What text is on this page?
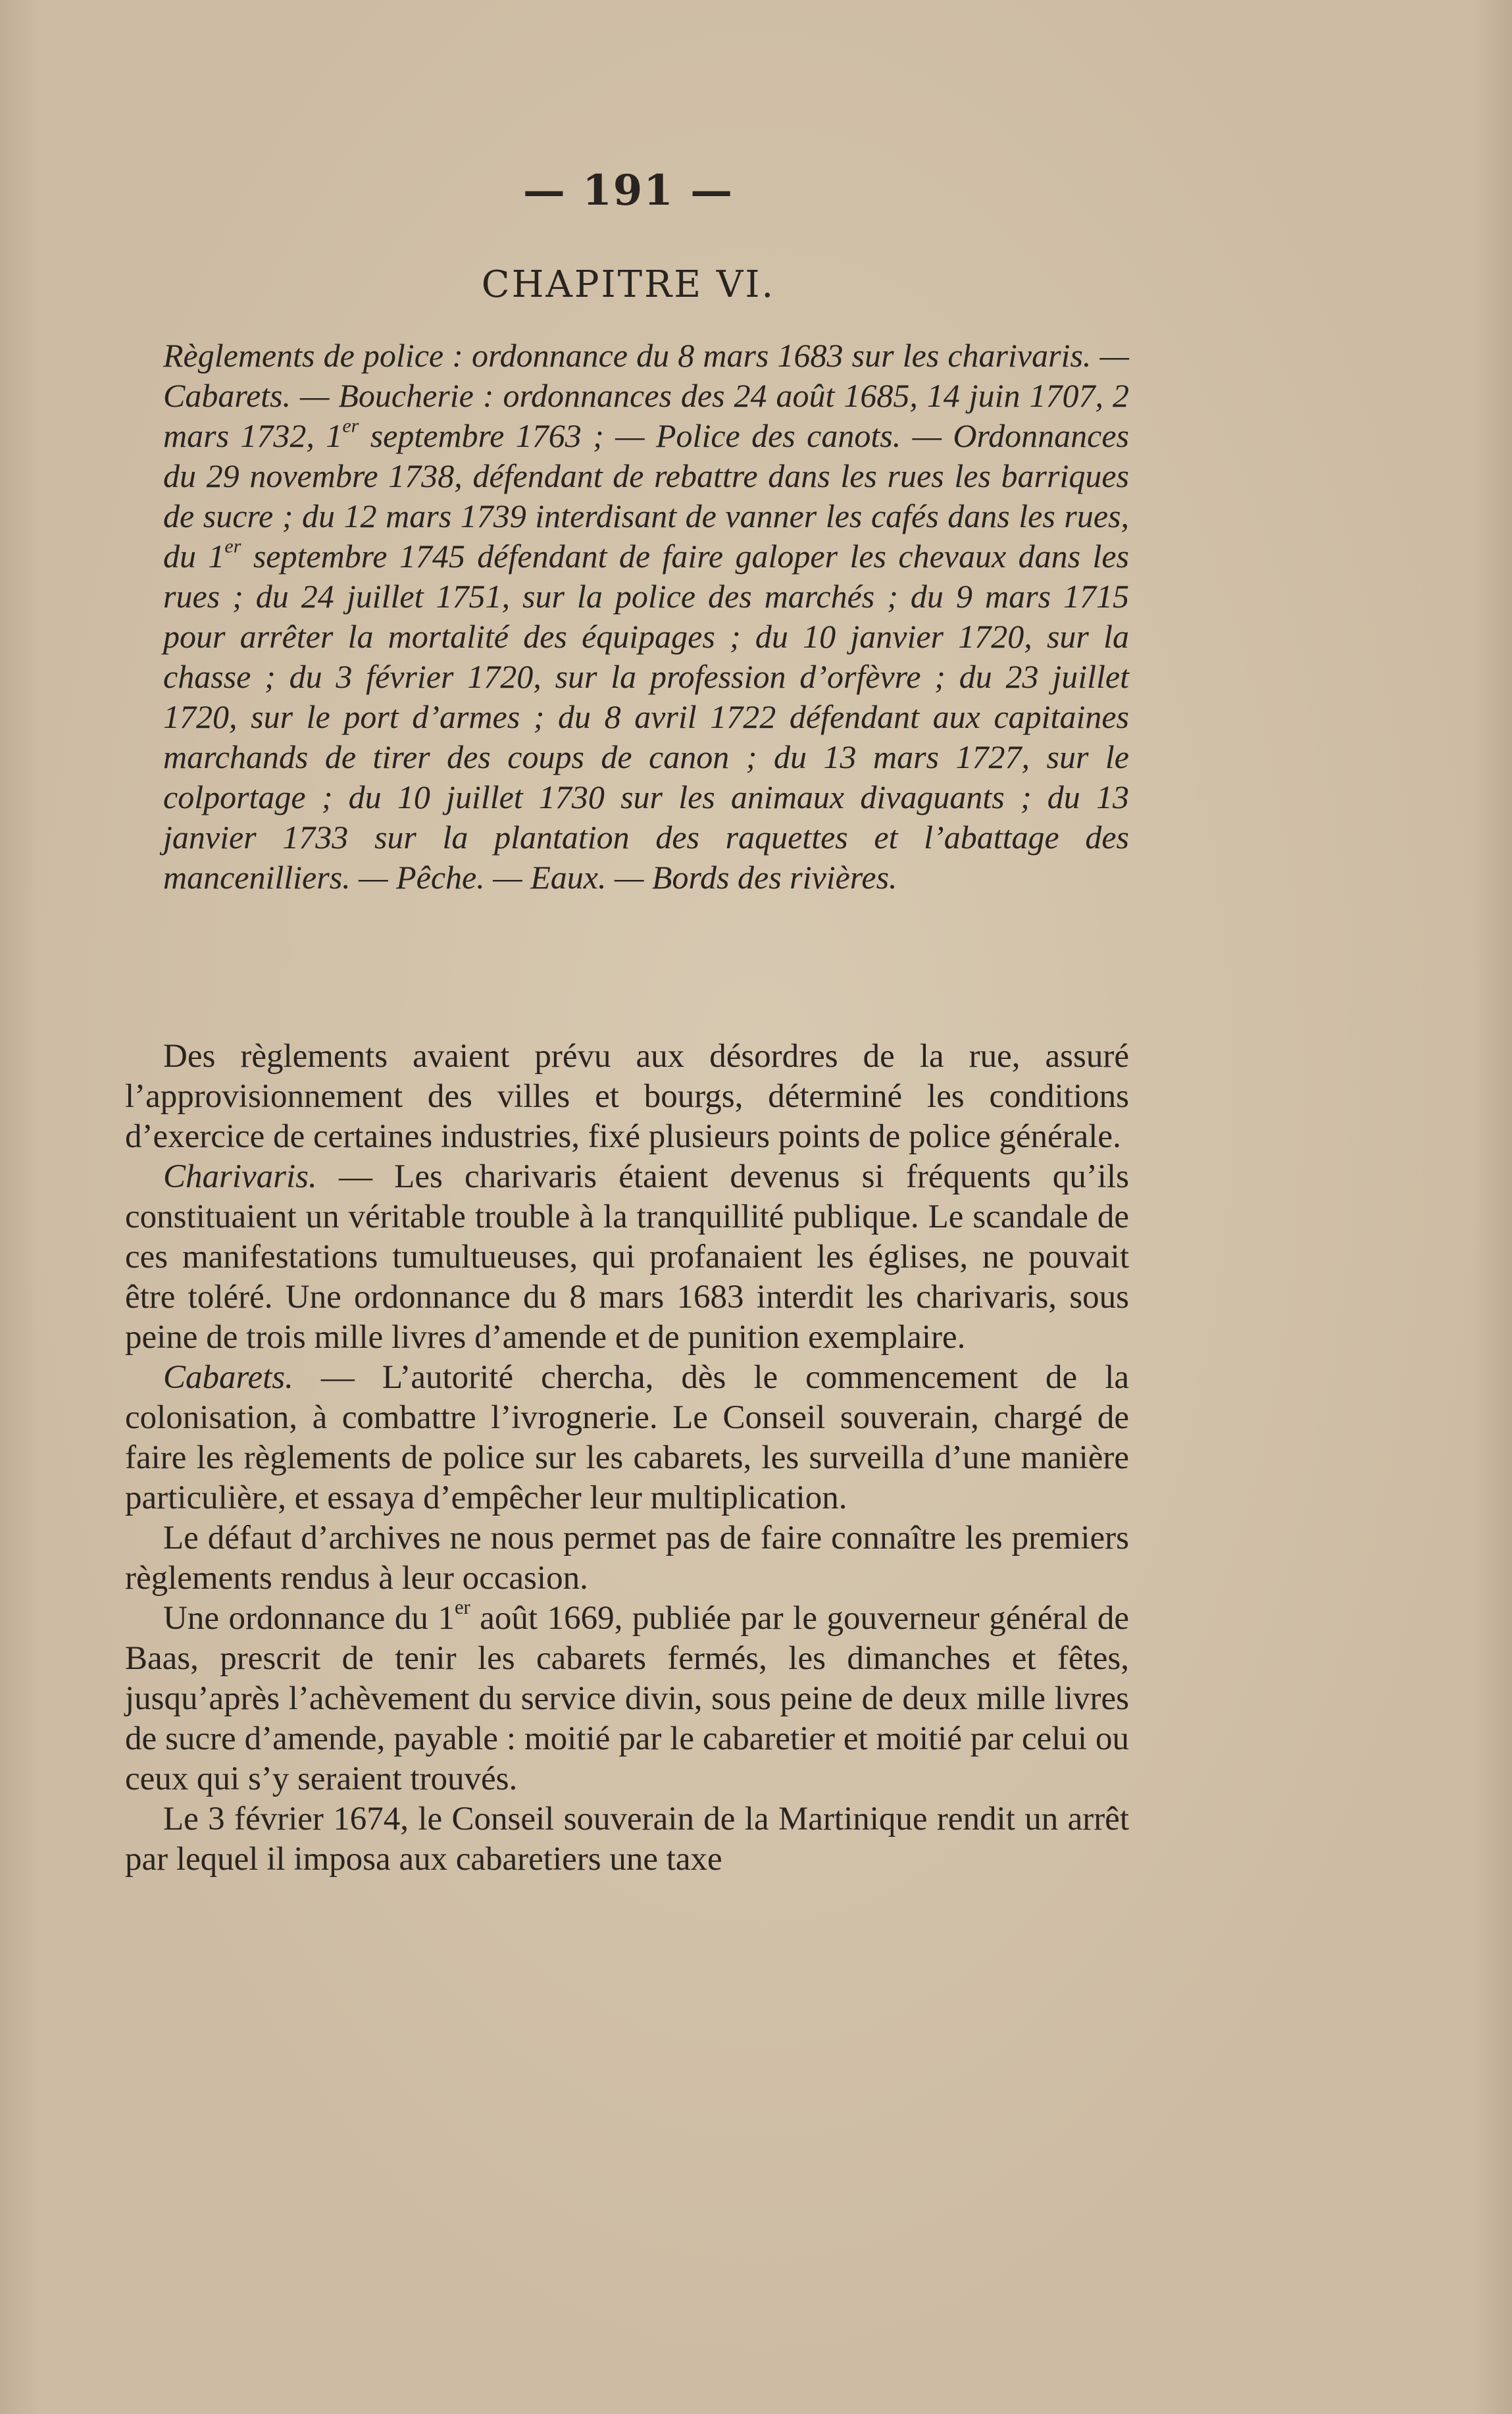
— 191 —
CHAPITRE VI.
Règlements de police : ordonnance du 8 mars 1683 sur les charivaris. — Cabarets. — Boucherie : ordonnances des 24 août 1685, 14 juin 1707, 2 mars 1732, 1er septembre 1763 ; — Police des canots. — Ordonnances du 29 novembre 1738, défendant de rebattre dans les rues les barriques de sucre ; du 12 mars 1739 interdisant de vanner les cafés dans les rues, du 1er septembre 1745 défendant de faire galoper les chevaux dans les rues ; du 24 juillet 1751, sur la police des marchés ; du 9 mars 1715 pour arrêter la mortalité des équipages ; du 10 janvier 1720, sur la chasse ; du 3 février 1720, sur la profession d’orfèvre ; du 23 juillet 1720, sur le port d’armes ; du 8 avril 1722 défendant aux capitaines marchands de tirer des coups de canon ; du 13 mars 1727, sur le colportage ; du 10 juillet 1730 sur les animaux divaguants ; du 13 janvier 1733 sur la plantation des raquettes et l’abattage des mancenilliers. — Pêche. — Eaux. — Bords des rivières.

Des règlements avaient prévu aux désordres de la rue, assuré l’approvisionnement des villes et bourgs, déterminé les conditions d’exercice de certaines industries, fixé plusieurs points de police générale.

Charivaris. — Les charivaris étaient devenus si fréquents qu’ils constituaient un véritable trouble à la tranquillité publique. Le scandale de ces manifestations tumultueuses, qui profanaient les églises, ne pouvait être toléré. Une ordonnance du 8 mars 1683 interdit les charivaris, sous peine de trois mille livres d’amende et de punition exemplaire.

Cabarets. — L’autorité chercha, dès le commencement de la colonisation, à combattre l’ivrognerie. Le Conseil souverain, chargé de faire les règlements de police sur les cabarets, les surveilla d’une manière particulière, et essaya d’empêcher leur multiplication.

Le défaut d’archives ne nous permet pas de faire connaître les premiers règlements rendus à leur occasion.

Une ordonnance du 1er août 1669, publiée par le gouverneur général de Baas, prescrit de tenir les cabarets fermés, les dimanches et fêtes, jusqu’après l’achèvement du service divin, sous peine de deux mille livres de sucre d’amende, payable : moitié par le cabaretier et moitié par celui ou ceux qui s’y seraient trouvés.

Le 3 février 1674, le Conseil souverain de la Martinique rendit un arrêt par lequel il imposa aux cabaretiers une taxe
